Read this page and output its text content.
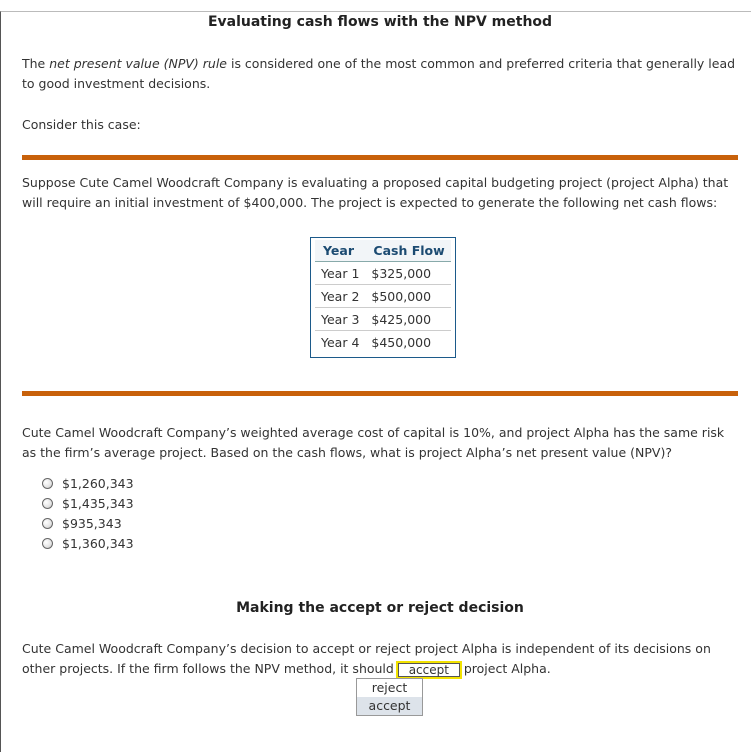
Evaluating cash flows with the NPV method
The net present value (NPV) rule is considered one of the most common and preferred criteria that generally lead to good investment decisions.
Consider this case:
Suppose Cute Camel Woodcraft Company is evaluating a proposed capital budgeting project (project Alpha) that will require an initial investment of $400,000. The project is expected to generate the following net cash flows:
Year	Cash Flow
Year 1	$325,000
Year 2	$500,000
Year 3	$425,000
Year 4	$450,000
Cute Camel Woodcraft Company’s weighted average cost of capital is 10%, and project Alpha has the same risk as the firm’s average project. Based on the cash flows, what is project Alpha’s net present value (NPV)?
$1,260,343
$1,435,343
$935,343
$1,360,343
Making the accept or reject decision
Cute Camel Woodcraft Company’s decision to accept or reject project Alpha is independent of its decisions on other projects. If the firm follows the NPV method, it should	accept	project Alpha.
reject
accept
